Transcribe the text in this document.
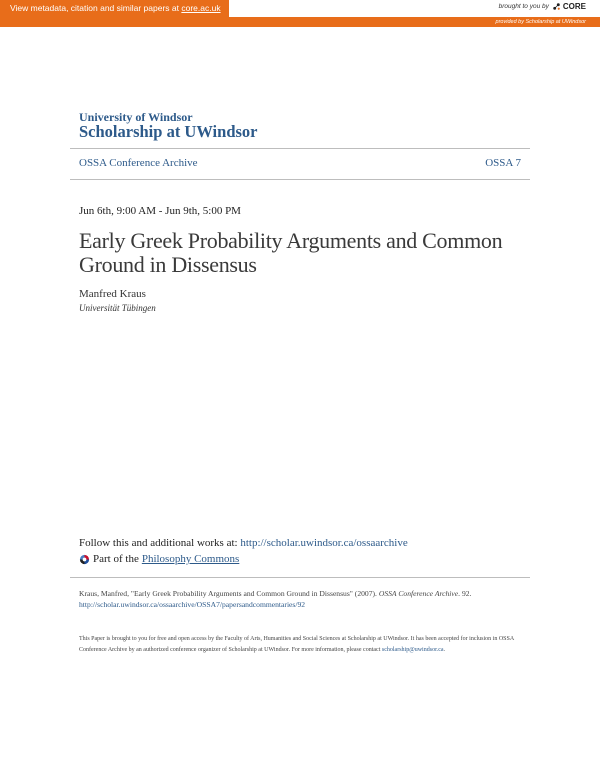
View metadata, citation and similar papers at core.ac.uk	brought to you by CORE
provided by Scholarship at UWindsor
University of Windsor
Scholarship at UWindsor
OSSA Conference Archive	OSSA 7
Jun 6th, 9:00 AM - Jun 9th, 5:00 PM
Early Greek Probability Arguments and Common Ground in Dissensus
Manfred Kraus
Universität Tübingen
Follow this and additional works at: http://scholar.uwindsor.ca/ossaarchive
Part of the Philosophy Commons
Kraus, Manfred, "Early Greek Probability Arguments and Common Ground in Dissensus" (2007). OSSA Conference Archive. 92.
http://scholar.uwindsor.ca/ossaarchive/OSSA7/papersandcommentaries/92
This Paper is brought to you for free and open access by the Faculty of Arts, Humanities and Social Sciences at Scholarship at UWindsor. It has been accepted for inclusion in OSSA Conference Archive by an authorized conference organizer of Scholarship at UWindsor. For more information, please contact scholarship@uwindsor.ca.
